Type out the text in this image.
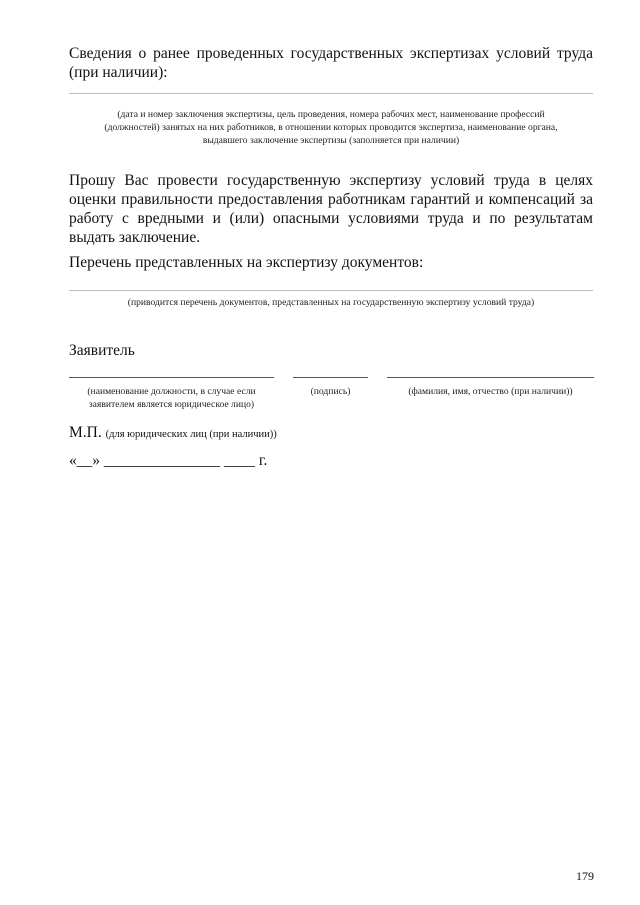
Сведения о ранее проведенных государственных экспертизах условий труда (при наличии):
(дата и номер заключения экспертизы, цель проведения, номера рабочих мест, наименование профессий (должностей) занятых на них работников, в отношении которых проводится экспертиза, наименование органа, выдавшего заключение экспертизы (заполняется при наличии)
Прошу Вас провести государственную экспертизу условий труда в целях оценки правильности предоставления работникам гарантий и компенсаций за работу с вредными и (или) опасными условиями труда и по результатам выдать заключение.
Перечень представленных на экспертизу документов:
(приводится перечень документов, представленных на государственную экспертизу условий труда)
Заявитель
(наименование должности, в случае если заявителем является юридическое лицо)
(подпись)	(фамилия, имя, отчество (при наличии))
М.П. (для юридических лиц (при наличии))
«__» _______________ ____ г.
179
